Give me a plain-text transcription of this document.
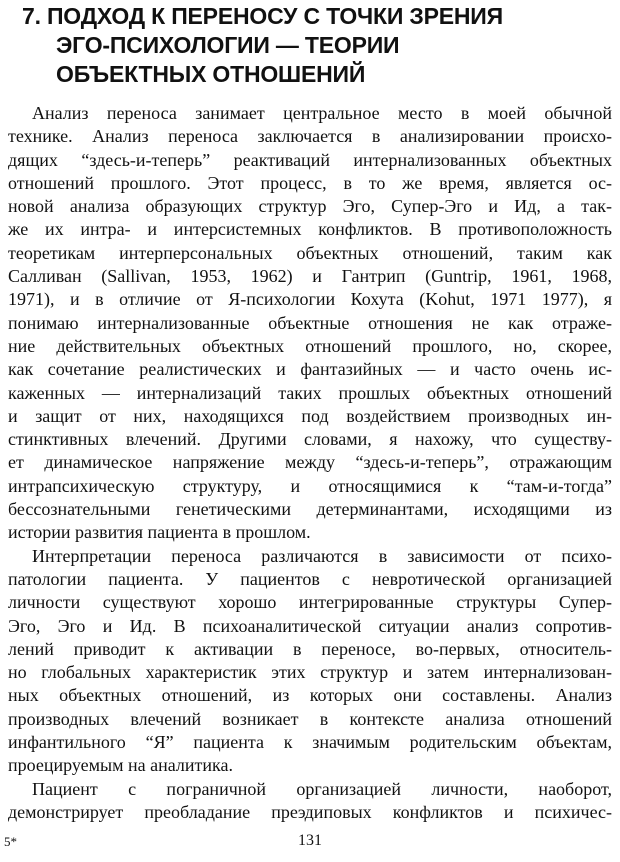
7. ПОДХОД К ПЕРЕНОСУ С ТОЧКИ ЗРЕНИЯ
ЭГО-ПСИХОЛОГИИ — ТЕОРИИ
ОБЪЕКТНЫХ ОТНОШЕНИЙ
Анализ переноса занимает центральное место в моей обычной
технике. Анализ переноса заключается в анализировании происхо-
дящих “здесь-и-теперь” реактиваций интернализованных объектных
отношений прошлого. Этот процесс, в то же время, является ос-
новой анализа образующих структур Эго, Супер-Эго и Ид, а так-
же их интра- и интерсистемных конфликтов. В противоположность
теоретикам интерперсональных объектных отношений, таким как
Салливан (Sallivan, 1953, 1962) и Гантрип (Guntrip, 1961, 1968,
1971), и в отличие от Я-психологии Кохута (Kohut, 1971 1977), я
понимаю интернализованные объектные отношения не как отраже-
ние действительных объектных отношений прошлого, но, скорее,
как сочетание реалистических и фантазийных — и часто очень ис-
каженных — интернализаций таких прошлых объектных отношений
и защит от них, находящихся под воздействием производных ин-
стинктивных влечений. Другими словами, я нахожу, что существу-
ет динамическое напряжение между “здесь-и-теперь”, отражающим
интрапсихическую структуру, и относящимися к “там-и-тогда”
бессознательными генетическими детерминантами, исходящими из
истории развития пациента в прошлом.
Интерпретации переноса различаются в зависимости от психо-
патологии пациента. У пациентов с невротической организацией
личности существуют хорошо интегрированные структуры Супер-
Эго, Эго и Ид. В психоаналитической ситуации анализ сопротив-
лений приводит к активации в переносе, во-первых, относитель-
но глобальных характеристик этих структур и затем интернализован-
ных объектных отношений, из которых они составлены. Анализ
производных влечений возникает в контексте анализа отношений
инфантильного “Я” пациента к значимым родительским объектам,
проецируемым на аналитика.
Пациент с пограничной организацией личности, наоборот,
демонстрирует преобладание преэдиповых конфликтов и психичес-
5*	131
